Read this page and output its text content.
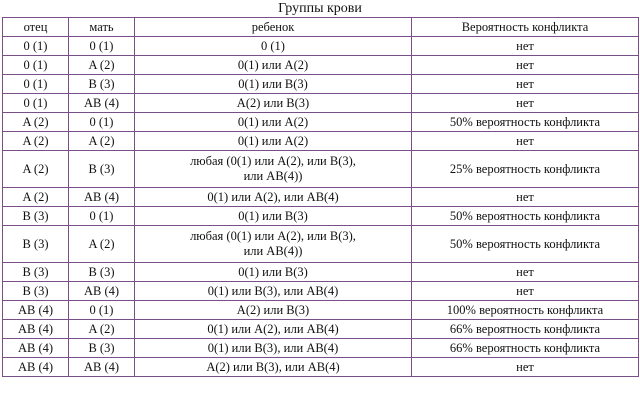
Группы крови
отец	мать	ребенок	Вероятность конфликта
0 (1)	0 (1)	0 (1)	нет
0 (1)	A (2)	0(1) или A(2)	нет
0 (1)	B (3)	0(1) или B(3)	нет
0 (1)	AB (4)	A(2) или B(3)	нет
A (2)	0 (1)	0(1) или A(2)	50% вероятность конфликта
A (2)	A (2)	0(1) или A(2)	нет
A (2)	B (3)	любая (0(1) или A(2), или B(3),
или AB(4))	25% вероятность конфликта
A (2)	AB (4)	0(1) или A(2), или AB(4)	нет
B (3)	0 (1)	0(1) или B(3)	50% вероятность конфликта
B (3)	A (2)	любая (0(1) или A(2), или B(3),
или AB(4))	50% вероятность конфликта
B (3)	B (3)	0(1) или B(3)	нет
B (3)	AB (4)	0(1) или B(3), или AB(4)	нет
AB (4)	0 (1)	A(2) или B(3)	100% вероятность конфликта
AB (4)	A (2)	0(1) или A(2), или AB(4)	66% вероятность конфликта
AB (4)	B (3)	0(1) или B(3), или AB(4)	66% вероятность конфликта
AB (4)	AB (4)	A(2) или B(3), или AB(4)	нет
